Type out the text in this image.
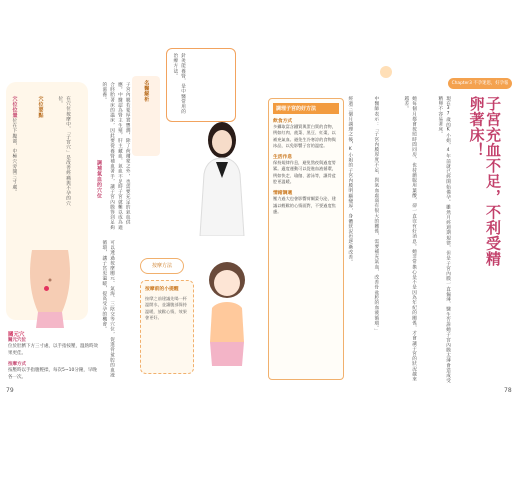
在穴位按摩中，「子宮穴」是改善經痛與不孕的穴位。

穴位要點

穴位位置

位在下腹部，中極穴旁開三寸處。

關元穴
關元穴位
位於肚臍下方三寸處，以手指按壓，溫熱時效果更佳。
按摩方式
按壓時以手指腹輕揉，每次5~10分鐘，早晚各一次。

名醫解析	針灸能養腎，是中醫常用的治療方法。

子宮內膜若要厚實豐潤，除了荷爾蒙之外，也需要充足的氣血供應。中醫認為腎主生殖，肝主藏血，氣血不足時子宮就難以成為適合胚胎著床的溫床，因此要從養腎補血著手，讓子宮內膜得到足夠的滋養。

調補氣血的穴位

可以透過按摩關元、氣海、三陰交等穴位，促進骨盆腔的血液循環，讓子宮更溫暖，提高受孕的機會。	按摩方法
按摩前的小提醒
按摩之前建議先喝一杯溫開水，並讓腹部保持溫暖，放鬆心情，效果會更好。
79
Chapter3 不孕迷思，好孕報到！

子宮充血不足，不利受精卵著床！

現在37歲的K小姐，4年前就已經開始備孕。雖然月經週期規律，但是子宮內膜一直偏薄，醫生告訴她子宮內膜太薄會造成受精卵不容易著床。

她每個月都會按照時間同房，也持續服用葉酸，卻一直沒有好消息。她非常擔心是不是因為年紀的關係，才會讓子宮的狀況越來越差。

中醫師表示：「子宮內膜厚度不足，與氣血虛弱有很大的關係，需要補充氣血，改善骨盆腔的血液循環。」

經過三個月調理之後，K小姐的子宮內膜明顯變厚，身體狀況也逐漸改善。

調理子宮的好方法
飲食方式
多攝取富含鐵質與蛋白質的食物，例如紅肉、菠菜、黑豆、紅棗，以補充氣血。避免生冷寒涼的食物與冰品，以免影響子宮的溫度。
生活作息
保持規律作息，避免熬夜與過度勞累。適度運動可以促進血液循環，例如快走、瑜伽、游泳等，讓骨盆腔更溫暖。
情緒調適
壓力過大也會影響荷爾蒙分泌，建議以輕鬆的心情面對，不要過度焦慮。
78
